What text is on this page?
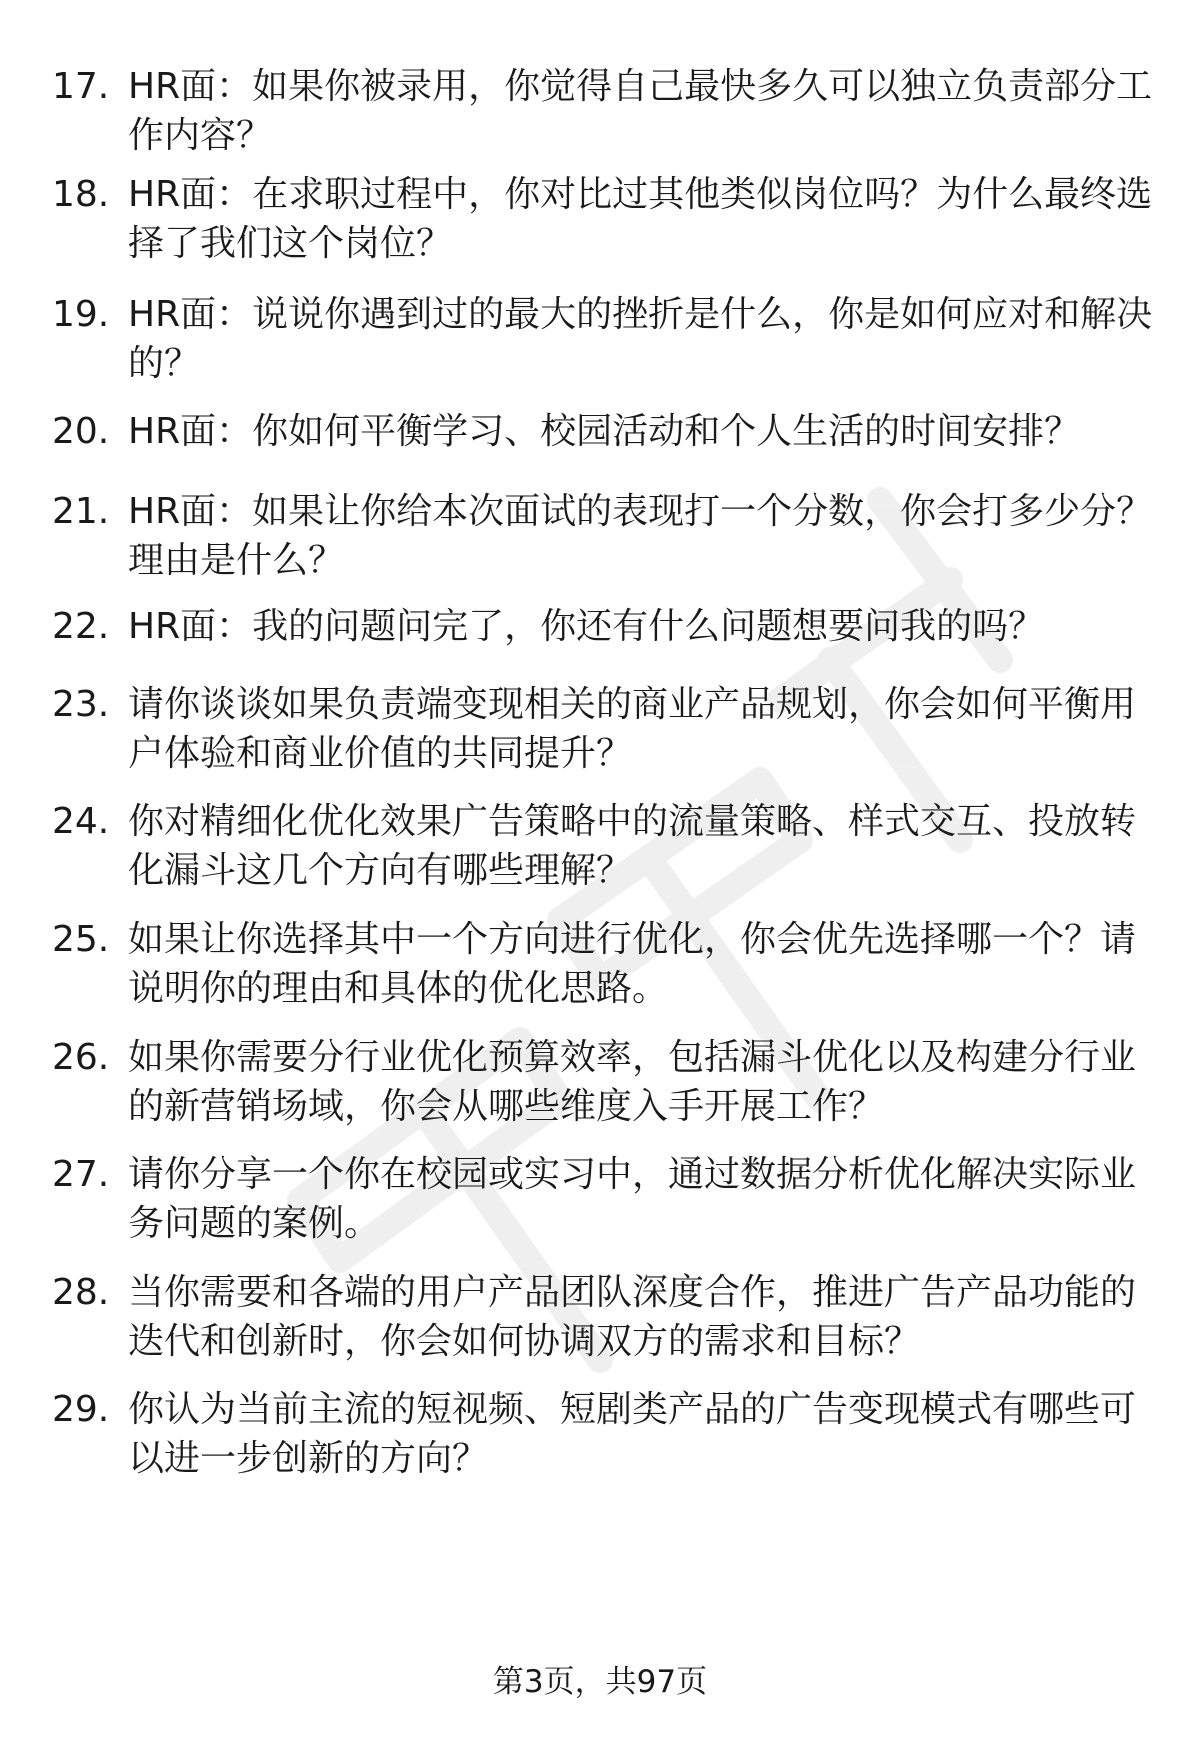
17. HR面：如果你被录用，你觉得自己最快多久可以独立负责部分工作内容？
18. HR面：在求职过程中，你对比过其他类似岗位吗？为什么最终选择了我们这个岗位？
19. HR面：说说你遇到过的最大的挫折是什么，你是如何应对和解决的？
20. HR面：你如何平衡学习、校园活动和个人生活的时间安排？
21. HR面：如果让你给本次面试的表现打一个分数，你会打多少分？理由是什么？
22. HR面：我的问题问完了，你还有什么问题想要问我的吗？
23. 请你谈谈如果负责端变现相关的商业产品规划，你会如何平衡用户体验和商业价值的共同提升？
24. 你对精细化优化效果广告策略中的流量策略、样式交互、投放转化漏斗这几个方向有哪些理解？
25. 如果让你选择其中一个方向进行优化，你会优先选择哪一个？请说明你的理由和具体的优化思路。
26. 如果你需要分行业优化预算效率，包括漏斗优化以及构建分行业的新营销场域，你会从哪些维度入手开展工作？
27. 请你分享一个你在校园或实习中，通过数据分析优化解决实际业务问题的案例。
28. 当你需要和各端的用户产品团队深度合作，推进广告产品功能的迭代和创新时，你会如何协调双方的需求和目标？
29. 你认为当前主流的短视频、短剧类产品的广告变现模式有哪些可以进一步创新的方向？
第3页，共97页
